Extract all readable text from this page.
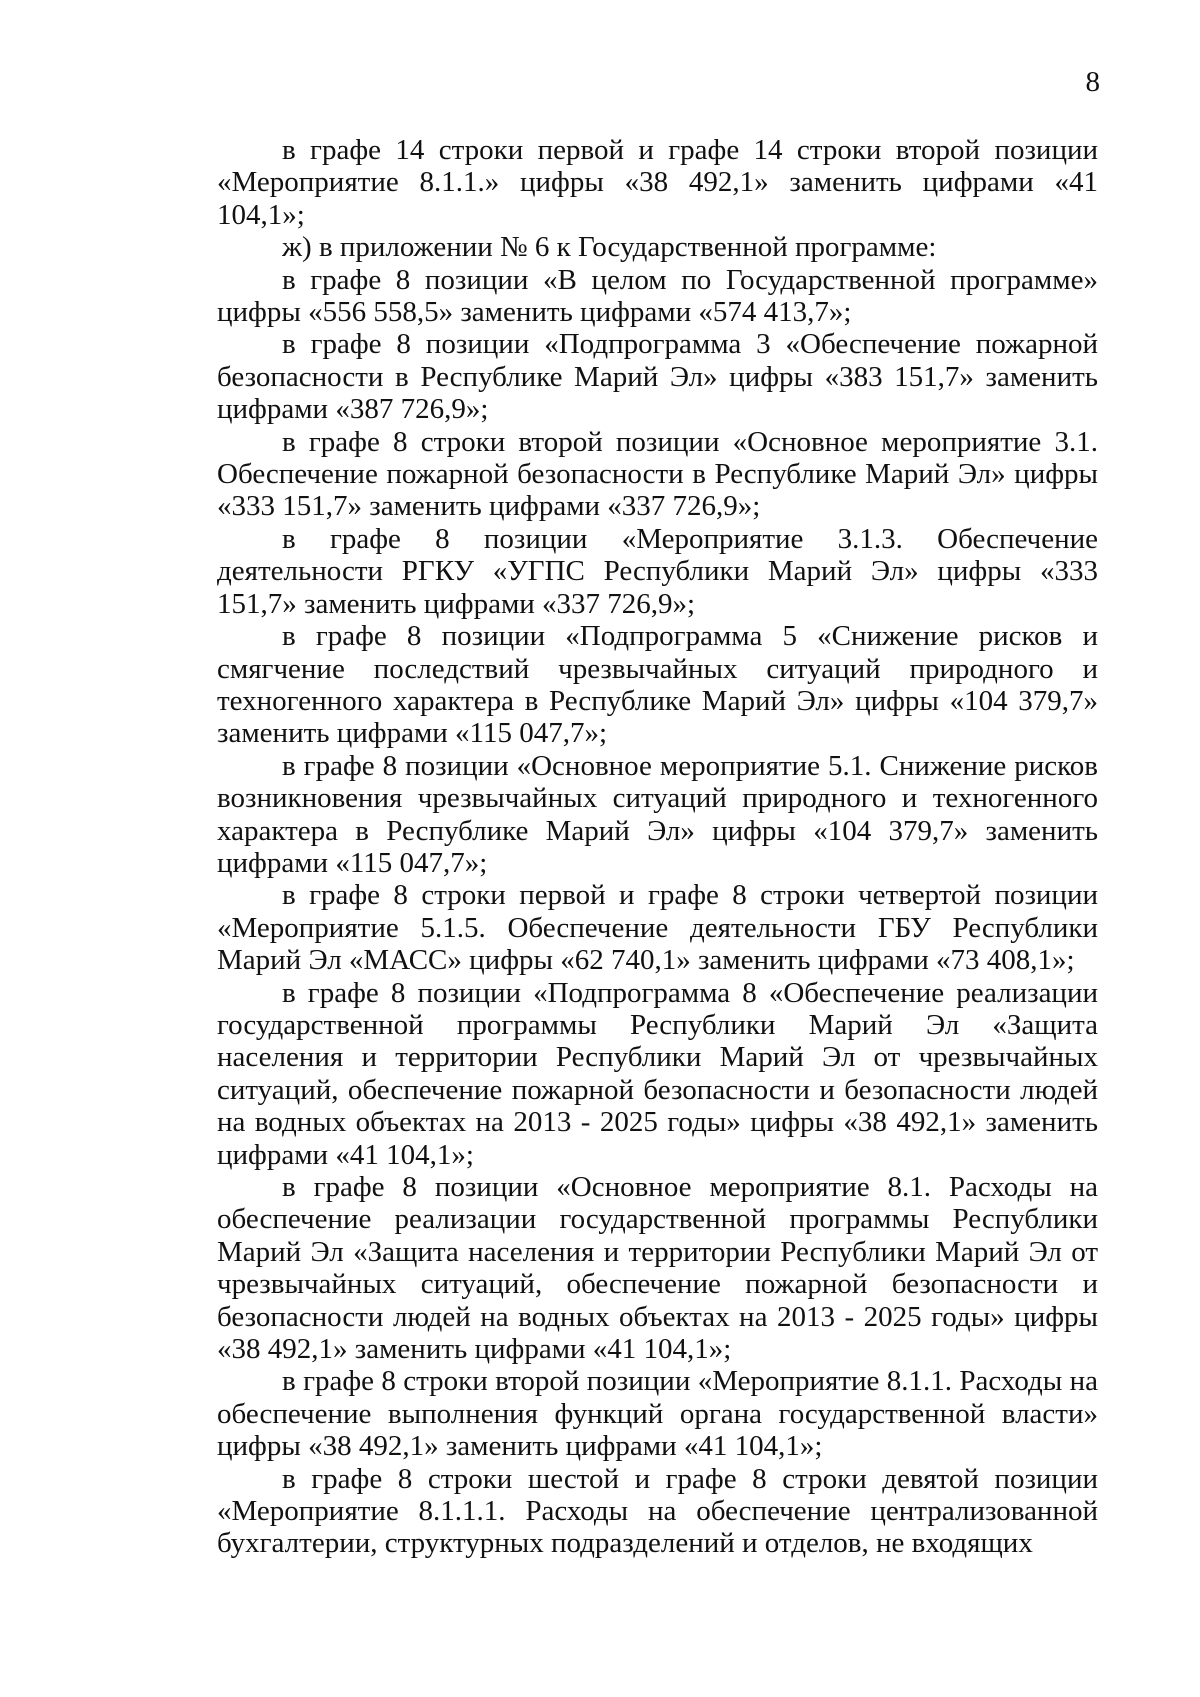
8

в графе 14 строки первой и графе 14 строки второй позиции «Мероприятие 8.1.1.» цифры «38 492,1» заменить цифрами «41 104,1»;

ж) в приложении № 6 к Государственной программе:

в графе 8 позиции «В целом по Государственной программе» цифры «556 558,5» заменить цифрами «574 413,7»;

в графе 8 позиции «Подпрограмма 3 «Обеспечение пожарной безопасности в Республике Марий Эл» цифры «383 151,7» заменить цифрами «387 726,9»;

в графе 8 строки второй позиции «Основное мероприятие 3.1. Обеспечение пожарной безопасности в Республике Марий Эл» цифры «333 151,7» заменить цифрами «337 726,9»;

в графе 8 позиции «Мероприятие 3.1.3. Обеспечение деятельности РГКУ «УГПС Республики Марий Эл» цифры «333 151,7» заменить цифрами «337 726,9»;

в графе 8 позиции «Подпрограмма 5 «Снижение рисков и смягчение последствий чрезвычайных ситуаций природного и техногенного характера в Республике Марий Эл» цифры «104 379,7» заменить цифрами «115 047,7»;

в графе 8 позиции «Основное мероприятие 5.1. Снижение рисков возникновения чрезвычайных ситуаций природного и техногенного характера в Республике Марий Эл» цифры «104 379,7» заменить цифрами «115 047,7»;

в графе 8 строки первой и графе 8 строки четвертой позиции «Мероприятие 5.1.5. Обеспечение деятельности ГБУ Республики Марий Эл «МАСС» цифры «62 740,1» заменить цифрами «73 408,1»;

в графе 8 позиции «Подпрограмма 8 «Обеспечение реализации государственной программы Республики Марий Эл «Защита населения и территории Республики Марий Эл от чрезвычайных ситуаций, обеспечение пожарной безопасности и безопасности людей на водных объектах на 2013 - 2025 годы» цифры «38 492,1» заменить цифрами «41 104,1»;

в графе 8 позиции «Основное мероприятие 8.1. Расходы на обеспечение реализации государственной программы Республики Марий Эл «Защита населения и территории Республики Марий Эл от чрезвычайных ситуаций, обеспечение пожарной безопасности и безопасности людей на водных объектах на 2013 - 2025 годы» цифры «38 492,1» заменить цифрами «41 104,1»;

в графе 8 строки второй позиции «Мероприятие 8.1.1. Расходы на обеспечение выполнения функций органа государственной власти» цифры «38 492,1» заменить цифрами «41 104,1»;

в графе 8 строки шестой и графе 8 строки девятой позиции «Мероприятие 8.1.1.1. Расходы на обеспечение централизованной бухгалтерии, структурных подразделений и отделов, не входящих
